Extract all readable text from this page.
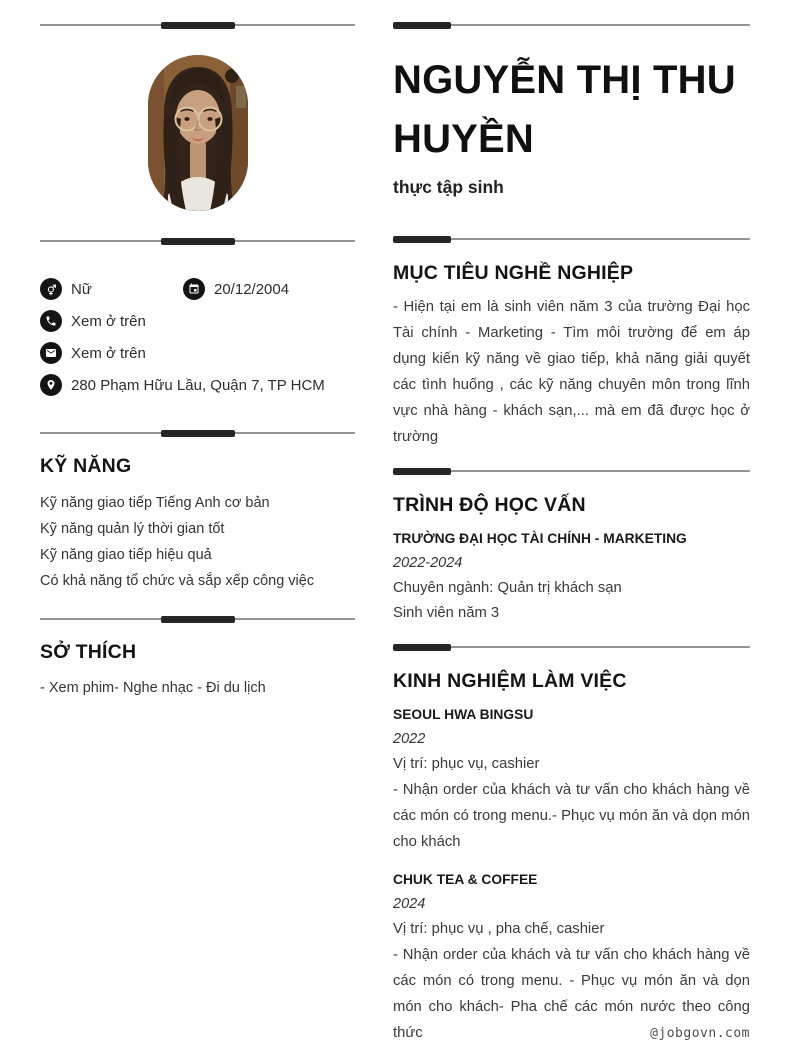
Nữ	20/12/2004
Xem ở trên
Xem ở trên
280 Phạm Hữu Lầu, Quận 7, TP HCM
KỸ NĂNG
Kỹ năng giao tiếp Tiếng Anh cơ bản
Kỹ năng quản lý thời gian tốt
Kỹ năng giao tiếp hiệu quả
Có khả năng tổ chức và sắp xếp công việc
SỞ THÍCH

- Xem phim- Nghe nhạc - Đi du lịch

NGUYỄN THỊ THU HUYỀN
thực tập sinh
MỤC TIÊU NGHỀ NGHIỆP

- Hiện tại em là sinh viên năm 3 của trường Đại học Tài chính - Marketing - Tìm môi trường để em áp dụng kiến kỹ năng về giao tiếp, khả năng giải quyết các tình huống , các kỹ năng chuyên môn trong lĩnh vực nhà hàng - khách sạn,... mà em đã được học ở trường

TRÌNH ĐỘ HỌC VẤN
TRƯỜNG ĐẠI HỌC TÀI CHÍNH - MARKETING
2022-2024
Chuyên ngành: Quản trị khách sạn
Sinh viên năm 3
KINH NGHIỆM LÀM VIỆC
SEOUL HWA BINGSU
2022
Vị trí: phục vụ, cashier
- Nhận order của khách và tư vấn cho khách hàng về các món có trong menu.- Phục vụ món ăn và dọn món cho khách
CHUK TEA & COFFEE
2024
Vị trí: phục vụ , pha chế, cashier
- Nhận order của khách và tư vấn cho khách hàng về các món có trong menu. - Phục vụ món ăn và dọn món cho khách- Pha chế các món nước theo công thức	@jobgovn.com
